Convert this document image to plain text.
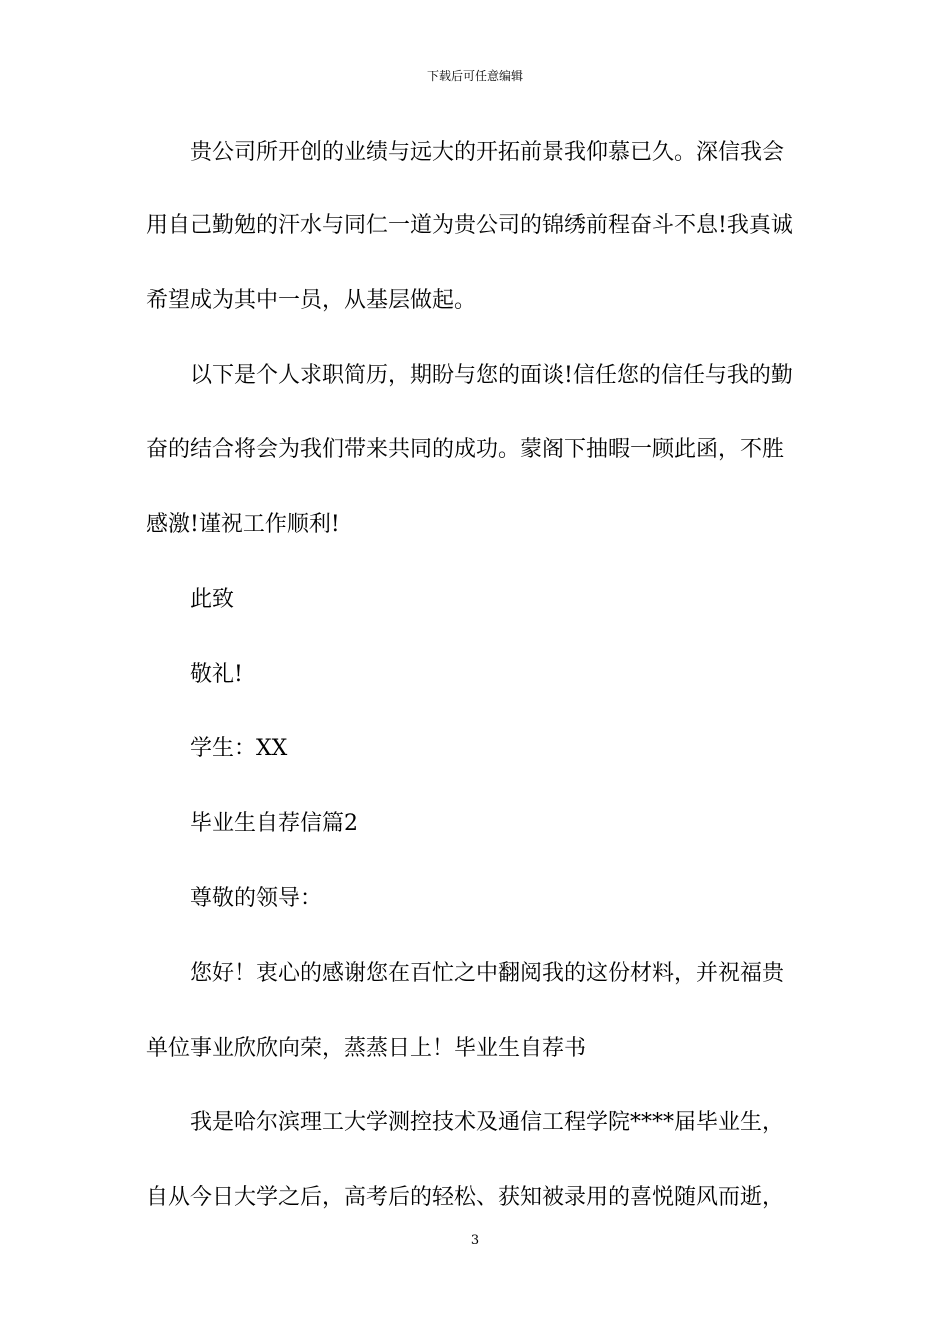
下载后可任意编辑
贵公司所开创的业绩与远大的开拓前景我仰慕已久。深信我会
用自己勤勉的汗水与同仁一道为贵公司的锦绣前程奋斗不息!我真诚
希望成为其中一员，从基层做起。
以下是个人求职简历，期盼与您的面谈!信任您的信任与我的勤
奋的结合将会为我们带来共同的成功。蒙阁下抽暇一顾此函，不胜
感激!谨祝工作顺利!
此致
敬礼!
学生：XX
毕业生自荐信篇2
尊敬的领导：
您好！衷心的感谢您在百忙之中翻阅我的这份材料，并祝福贵
单位事业欣欣向荣，蒸蒸日上！毕业生自荐书
我是哈尔滨理工大学测控技术及通信工程学院****届毕业生，
自从今日大学之后，高考后的轻松、获知被录用的喜悦随风而逝，
3
